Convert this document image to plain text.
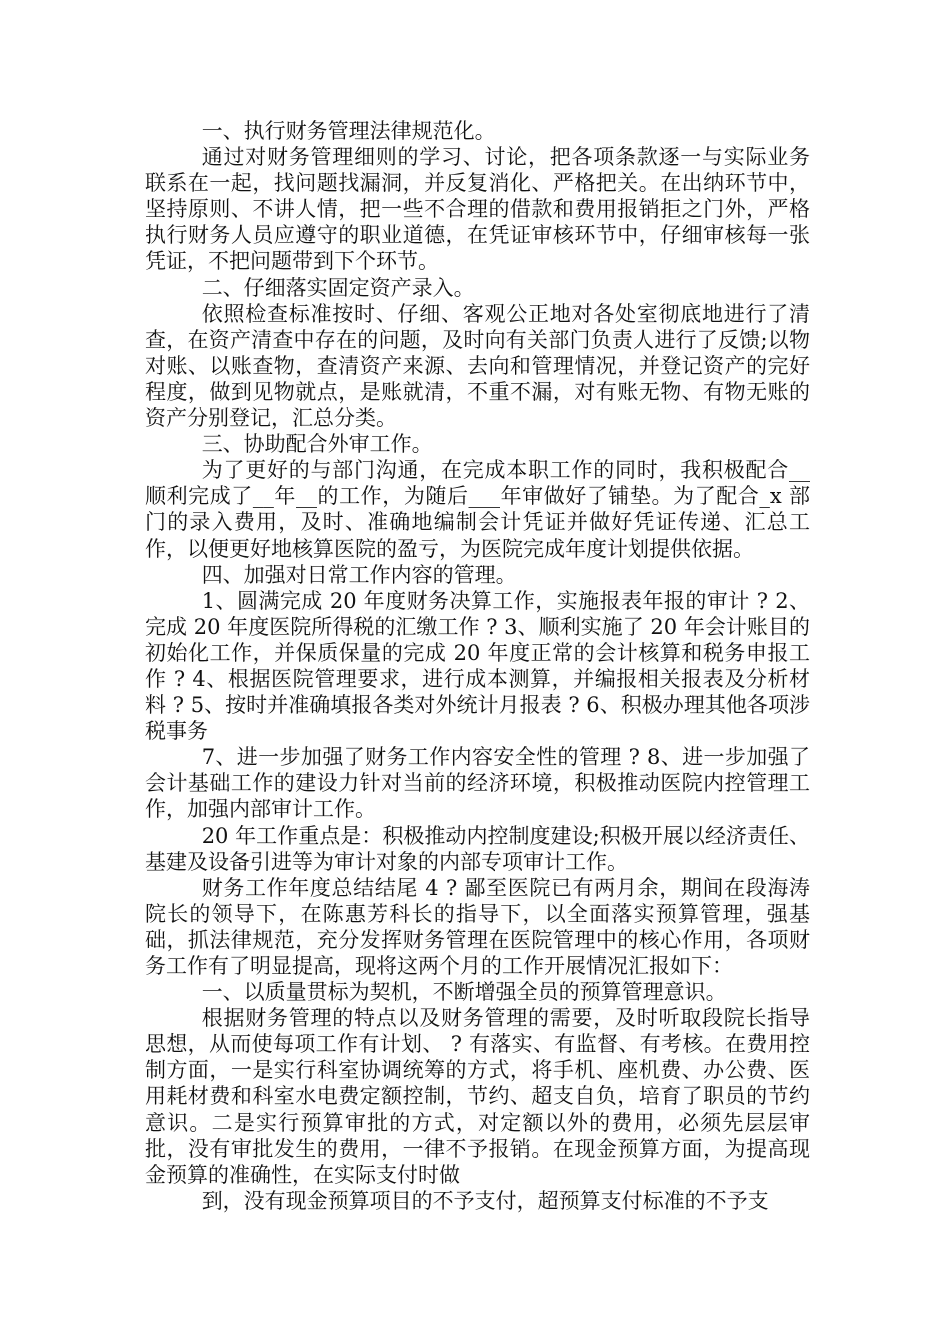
一、执行财务管理法律规范化。

通过对财务管理细则的学习、讨论，把各项条款逐一与实际业务联系在一起，找问题找漏洞，并反复消化、严格把关。在出纳环节中，坚持原则、不讲人情，把一些不合理的借款和费用报销拒之门外，严格执行财务人员应遵守的职业道德，在凭证审核环节中，仔细审核每一张凭证，不把问题带到下个环节。

二、仔细落实固定资产录入。

依照检查标准按时、仔细、客观公正地对各处室彻底地进行了清查，在资产清查中存在的问题，及时向有关部门负责人进行了反馈;以物对账、以账查物，查清资产来源、去向和管理情况，并登记资产的完好程度，做到见物就点，是账就清，不重不漏，对有账无物、有物无账的资产分别登记，汇总分类。

三、协助配合外审工作。

为了更好的与部门沟通，在完成本职工作的同时，我积极配合__顺利完成了__年__的工作，为随后___年审做好了铺垫。为了配合_x 部门的录入费用，及时、准确地编制会计凭证并做好凭证传递、汇总工作，以便更好地核算医院的盈亏，为医院完成年度计划提供依据。

四、加强对日常工作内容的管理。

1、圆满完成 20 年度财务决算工作，实施报表年报的审计 ? 2、完成 20 年度医院所得税的汇缴工作 ? 3、顺利实施了 20 年会计账目的初始化工作，并保质保量的完成 20 年度正常的会计核算和税务申报工作 ? 4、根据医院管理要求，进行成本测算，并编报相关报表及分析材料 ? 5、按时并准确填报各类对外统计月报表 ? 6、积极办理其他各项涉税事务

7、进一步加强了财务工作内容安全性的管理 ? 8、进一步加强了会计基础工作的建设力针对当前的经济环境，积极推动医院内控管理工作，加强内部审计工作。

20 年工作重点是：积极推动内控制度建设;积极开展以经济责任、基建及设备引进等为审计对象的内部专项审计工作。

财务工作年度总结结尾 4 ? 鄙至医院已有两月余，期间在段海涛院长的领导下，在陈惠芳科长的指导下，以全面落实预算管理，强基础，抓法律规范，充分发挥财务管理在医院管理中的核心作用，各项财务工作有了明显提高，现将这两个月的工作开展情况汇报如下：

一、以质量贯标为契机，不断增强全员的预算管理意识。

根据财务管理的特点以及财务管理的需要，及时听取段院长指导思想，从而使每项工作有计划、 ? 有落实、有监督、有考核。在费用控制方面，一是实行科室协调统筹的方式，将手机、座机费、办公费、医用耗材费和科室水电费定额控制，节约、超支自负，培育了职员的节约意识。二是实行预算审批的方式，对定额以外的费用，必须先层层审批，没有审批发生的费用，一律不予报销。在现金预算方面，为提高现金预算的准确性，在实际支付时做

到，没有现金预算项目的不予支付，超预算支付标准的不予支
